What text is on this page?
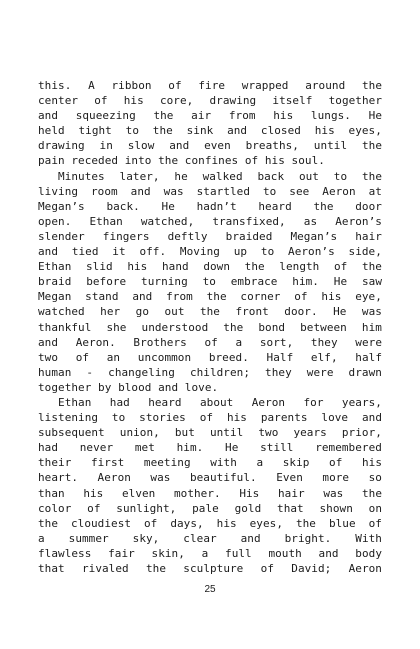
this. A ribbon of fire wrapped around the
center of his core, drawing itself together
and squeezing the air from his lungs. He
held tight to the sink and closed his eyes,
drawing in slow and even breaths, until the
pain receded into the confines of his soul.
Minutes later, he walked back out to the
living room and was startled to see Aeron at
Megan’s back. He hadn’t heard the door
open. Ethan watched, transfixed, as Aeron’s
slender fingers deftly braided Megan’s hair
and tied it off. Moving up to Aeron’s side,
Ethan slid his hand down the length of the
braid before turning to embrace him. He saw
Megan stand and from the corner of his eye,
watched her go out the front door. He was
thankful she understood the bond between him
and Aeron. Brothers of a sort, they were
two of an uncommon breed. Half elf, half
human - changeling children; they were drawn
together by blood and love.
Ethan had heard about Aeron for years,
listening to stories of his parents love and
subsequent union, but until two years prior,
had never met him. He still remembered
their first meeting with a skip of his
heart. Aeron was beautiful. Even more so
than his elven mother. His hair was the
color of sunlight, pale gold that shown on
the cloudiest of days, his eyes, the blue of
a summer sky, clear and bright. With
flawless fair skin, a full mouth and body
that rivaled the sculpture of David; Aeron
25
